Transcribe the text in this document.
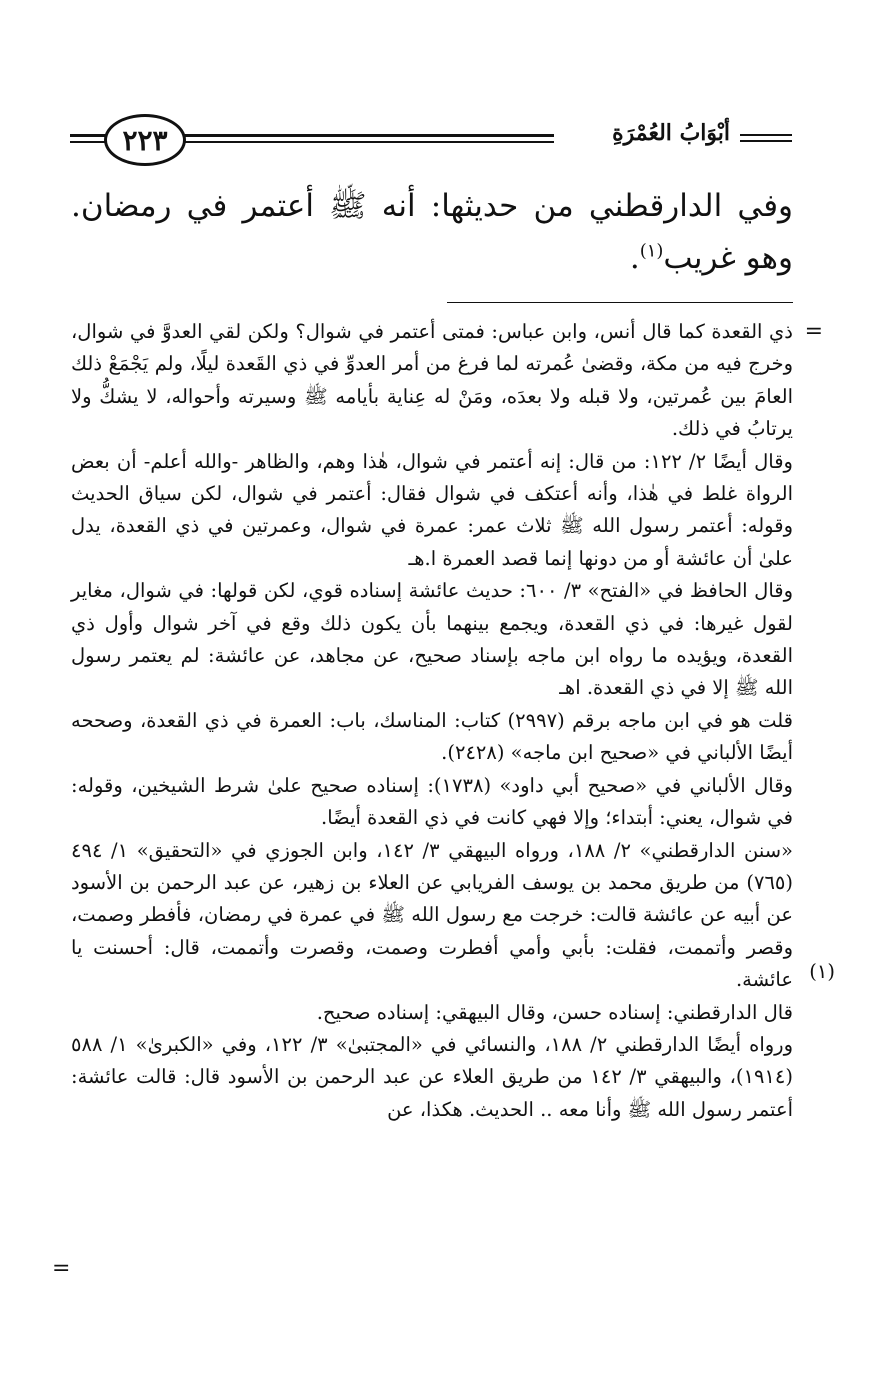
أبْوَابُ العُمْرَةِ
٢٢٣
وفي الدارقطني من حديثها: أنه ﷺ أعتمر في رمضان. وهو غريب$^{(١)}$.
=
(١)
=

ذي القعدة كما قال أنس، وابن عباس: فمتى أعتمر في شوال؟ ولكن لقي العدوَّ في شوال، وخرج فيه من مكة، وقضىٰ عُمرته لما فرغ من أمر العدوِّ في ذي القَعدة ليلًا، ولم يَجْمَعْ ذلك العامَ بين عُمرتين، ولا قبله ولا بعدَه، ومَنْ له عِناية بأيامه ﷺ وسيرته وأحواله، لا يشكُّ ولا يرتابُ في ذلك.

وقال أيضًا ٢/ ١٢٢: من قال: إنه أعتمر في شوال، هٰذا وهم، والظاهر -والله أعلم- أن بعض الرواة غلط في هٰذا، وأنه أعتكف في شوال فقال: أعتمر في شوال، لكن سياق الحديث وقوله: أعتمر رسول الله ﷺ ثلاث عمر: عمرة في شوال، وعمرتين في ذي القعدة، يدل علىٰ أن عائشة أو من دونها إنما قصد العمرة ا.هـ

وقال الحافظ في «الفتح» ٣/ ٦٠٠: حديث عائشة إسناده قوي، لكن قولها: في شوال، مغاير لقول غيرها: في ذي القعدة، ويجمع بينهما بأن يكون ذلك وقع في آخر شوال وأول ذي القعدة، ويؤيده ما رواه ابن ماجه بإسناد صحيح، عن مجاهد، عن عائشة: لم يعتمر رسول الله ﷺ إلا في ذي القعدة. اهـ

قلت هو في ابن ماجه برقم (٢٩٩٧) كتاب: المناسك، باب: العمرة في ذي القعدة، وصححه أيضًا الألباني في «صحيح ابن ماجه» (٢٤٢٨).

وقال الألباني في «صحيح أبي داود» (١٧٣٨): إسناده صحيح علىٰ شرط الشيخين، وقوله: في شوال، يعني: أبتداء؛ وإلا فهي كانت في ذي القعدة أيضًا.

«سنن الدارقطني» ٢/ ١٨٨، ورواه البيهقي ٣/ ١٤٢، وابن الجوزي في «التحقيق» ١/ ٤٩٤ (٧٦٥) من طريق محمد بن يوسف الفريابي عن العلاء بن زهير، عن عبد الرحمن بن الأسود عن أبيه عن عائشة قالت: خرجت مع رسول الله ﷺ في عمرة في رمضان، فأفطر وصمت، وقصر وأتممت، فقلت: بأبي وأمي أفطرت وصمت، وقصرت وأتممت، قال: أحسنت يا عائشة.

قال الدارقطني: إسناده حسن، وقال البيهقي: إسناده صحيح.

ورواه أيضًا الدارقطني ٢/ ١٨٨، والنسائي في «المجتبىٰ» ٣/ ١٢٢، وفي «الكبرىٰ» ١/ ٥٨٨ (١٩١٤)، والبيهقي ٣/ ١٤٢ من طريق العلاء عن عبد الرحمن بن الأسود قال: قالت عائشة: أعتمر رسول الله ﷺ وأنا معه .. الحديث. هكذا، عن
